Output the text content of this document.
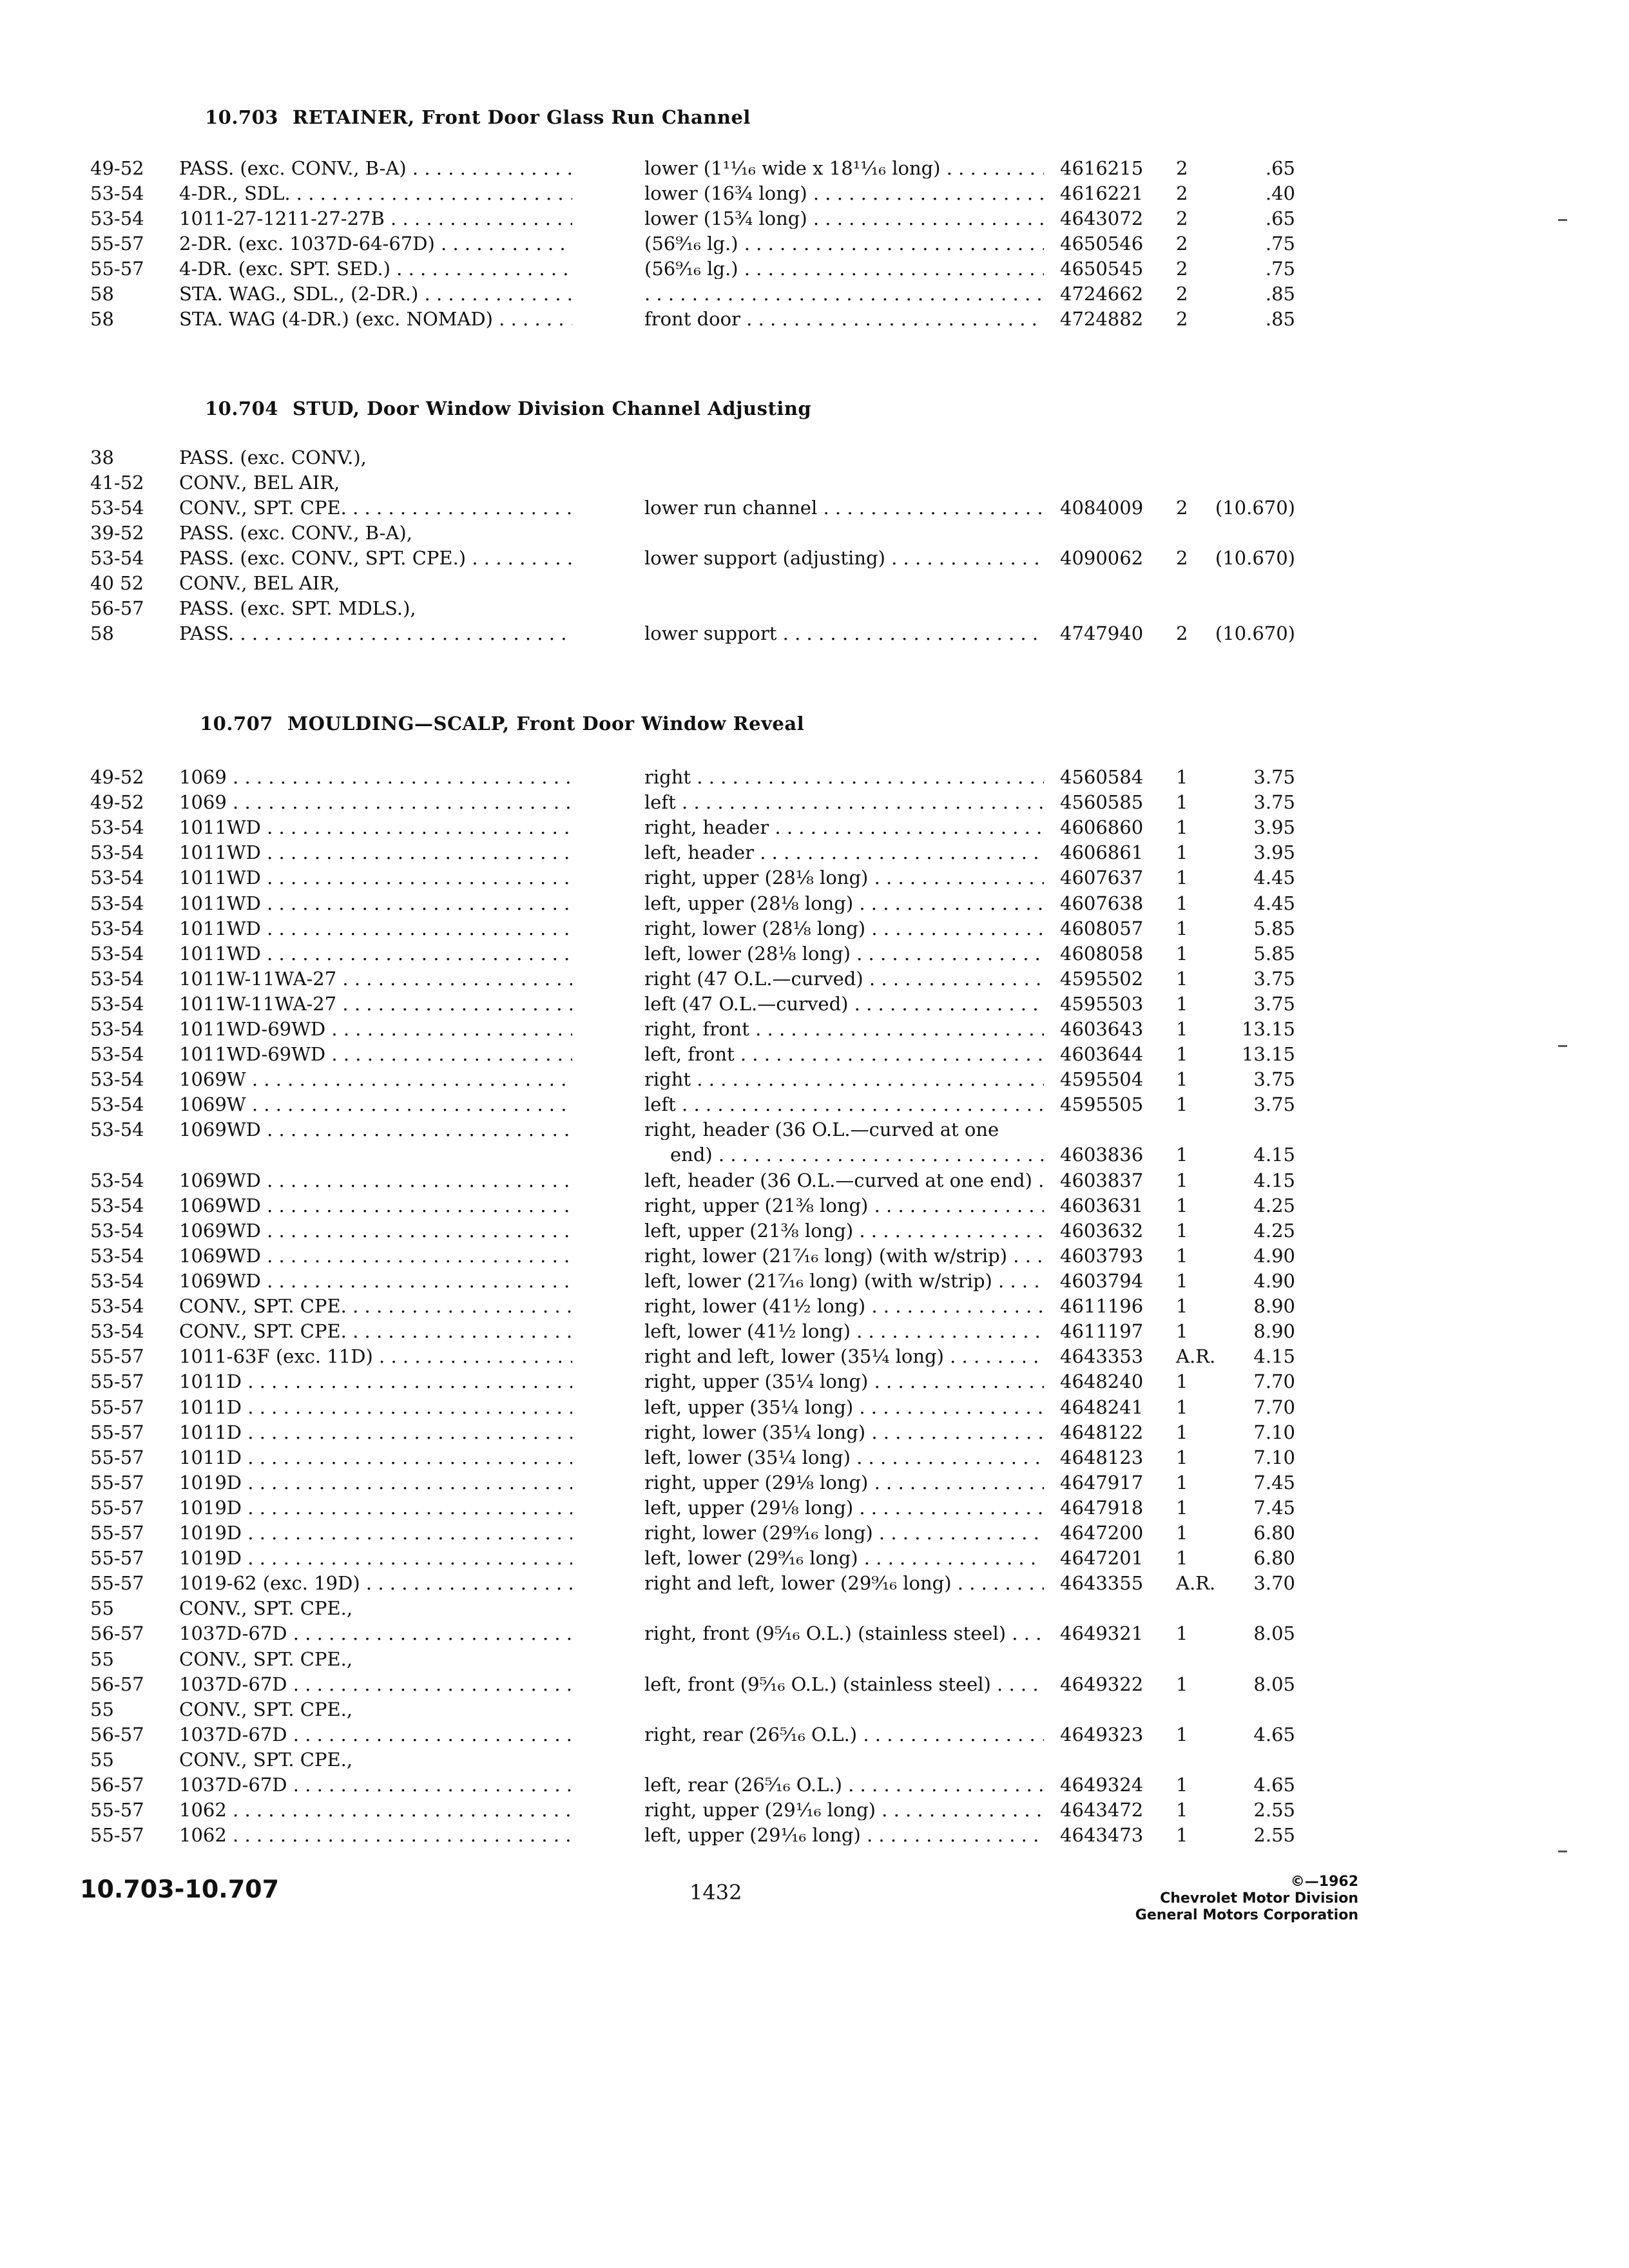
10.703 RETAINER, Front Door Glass Run Channel
49-52 PASS. (exc. CONV., B-A) . . .	lower (1¹¹⁄₁₆ wide x 18¹¹⁄₁₆ long) . . .	4616215 2	.65
53-54 4-DR., SDL. . . .	lower (16¾ long) . . .	4616221 2	.40
53-54 1011-27-1211-27-27B . . .	lower (15¾ long) . . .	4643072 2	.65
55-57 2-DR. (exc. 1037D-64-67D) . . .	(56⁹⁄₁₆ lg.) . . .	4650546 2	.75
55-57 4-DR. (exc. SPT. SED.) . . .	(56⁹⁄₁₆ lg.) . . .	4650545 2	.75
58	STA. WAG., SDL., (2-DR.) . . .
. . .	4724662 2	.85
58	STA. WAG (4-DR.) (exc. NOMAD) . . .	front door . . .	4724882 2	.85
10.704 STUD, Door Window Division Channel Adjusting
38	PASS. (exc. CONV.),
41-52 CONV., BEL AIR,
53-54 CONV., SPT. CPE. . . .	lower run channel . . .	4084009 2 (10.670)
39-52 PASS. (exc. CONV., B-A),
53-54 PASS. (exc. CONV., SPT. CPE.) . . .	lower support (adjusting) . . .	4090062 2 (10.670)
40 52 CONV., BEL AIR,
56-57 PASS. (exc. SPT. MDLS.),
58	PASS. . . .	lower support . . .	4747940 2 (10.670)
10.707 MOULDING—SCALP, Front Door Window Reveal
49-52 1069 . . .	right . . .	4560584 1	3.75
49-52 1069 . . .	left . . .	4560585 1	3.75
53-54 1011WD . . .	right, header . . .	4606860 1	3.95
53-54 1011WD . . .	left, header . . .	4606861 1	3.95
53-54 1011WD . . .	right, upper (28⅛ long) . . .	4607637 1	4.45
53-54 1011WD . . .	left, upper (28⅛ long) . . .	4607638 1	4.45
53-54 1011WD . . .	right, lower (28⅛ long) . . .	4608057 1	5.85
53-54 1011WD . . .	left, lower (28⅛ long) . . .	4608058 1	5.85
53-54 1011W-11WA-27 . . .	right (47 O.L.—curved) . . .	4595502 1	3.75
53-54 1011W-11WA-27 . . .	left (47 O.L.—curved) . . .	4595503 1	3.75
53-54 1011WD-69WD . . .	right, front . . .	4603643 1	13.15
53-54 1011WD-69WD . . .	left, front . . .	4603644 1	13.15
53-54 1069W . . .	right . . .	4595504 1	3.75
53-54 1069W . . .	left . . .	4595505 1	3.75
53-54 1069WD . . .	right, header (36 O.L.—curved at one
4603836 1	4.15
end) . . .
53-54 1069WD . . .	left, header (36 O.L.—curved at one end) . . .	4603837 1	4.15
53-54 1069WD . . .	right, upper (21⅜ long) . . .	4603631 1	4.25
53-54 1069WD . . .	left, upper (21⅜ long) . . .	4603632 1	4.25
53-54 1069WD . . .	right, lower (21⁷⁄₁₆ long) (with w/strip) . . .	4603793 1	4.90
53-54 1069WD . . .	left, lower (21⁷⁄₁₆ long) (with w/strip) . . .	4603794 1	4.90
53-54 CONV., SPT. CPE. . . .	right, lower (41½ long) . . .	4611196 1	8.90
53-54 CONV., SPT. CPE. . . .	left, lower (41½ long) . . .	4611197 1	8.90
55-57 1011-63F (exc. 11D) . . .	right and left, lower (35¼ long) . . .	4643353 A.R.	4.15
55-57 1011D . . .	right, upper (35¼ long) . . .	4648240 1	7.70
55-57 1011D . . .	left, upper (35¼ long) . . .	4648241 1	7.70
55-57 1011D . . .	right, lower (35¼ long) . . .	4648122 1	7.10
55-57 1011D . . .	left, lower (35¼ long) . . .	4648123 1	7.10
55-57 1019D . . .	right, upper (29⅛ long) . . .	4647917 1	7.45
55-57 1019D . . .	left, upper (29⅛ long) . . .	4647918 1	7.45
55-57 1019D . . .	right, lower (29⁹⁄₁₆ long) . . .	4647200 1	6.80
55-57 1019D . . .	left, lower (29⁹⁄₁₆ long) . . .	4647201 1	6.80
55-57 1019-62 (exc. 19D) . . .	right and left, lower (29⁹⁄₁₆ long) . . .	4643355 A.R.	3.70
55	CONV., SPT. CPE.,
56-57 1037D-67D . . .	right, front (9⁵⁄₁₆ O.L.) (stainless steel) . . .	4649321 1	8.05
55	CONV., SPT. CPE.,
56-57 1037D-67D . . .	left, front (9⁵⁄₁₆ O.L.) (stainless steel) . . .	4649322 1	8.05
55	CONV., SPT. CPE.,
56-57 1037D-67D . . .	right, rear (26⁵⁄₁₆ O.L.) . . .	4649323 1	4.65
55	CONV., SPT. CPE.,
56-57 1037D-67D . . .	left, rear (26⁵⁄₁₆ O.L.) . . .	4649324 1	4.65
55-57 1062 . . .	right, upper (29¹⁄₁₆ long) . . .	4643472 1	2.55
55-57 1062 . . .	left, upper (29¹⁄₁₆ long) . . .	4643473 1	2.55
10.703-10.707	1432	©—1962
Chevrolet Motor Division
General Motors Corporation
